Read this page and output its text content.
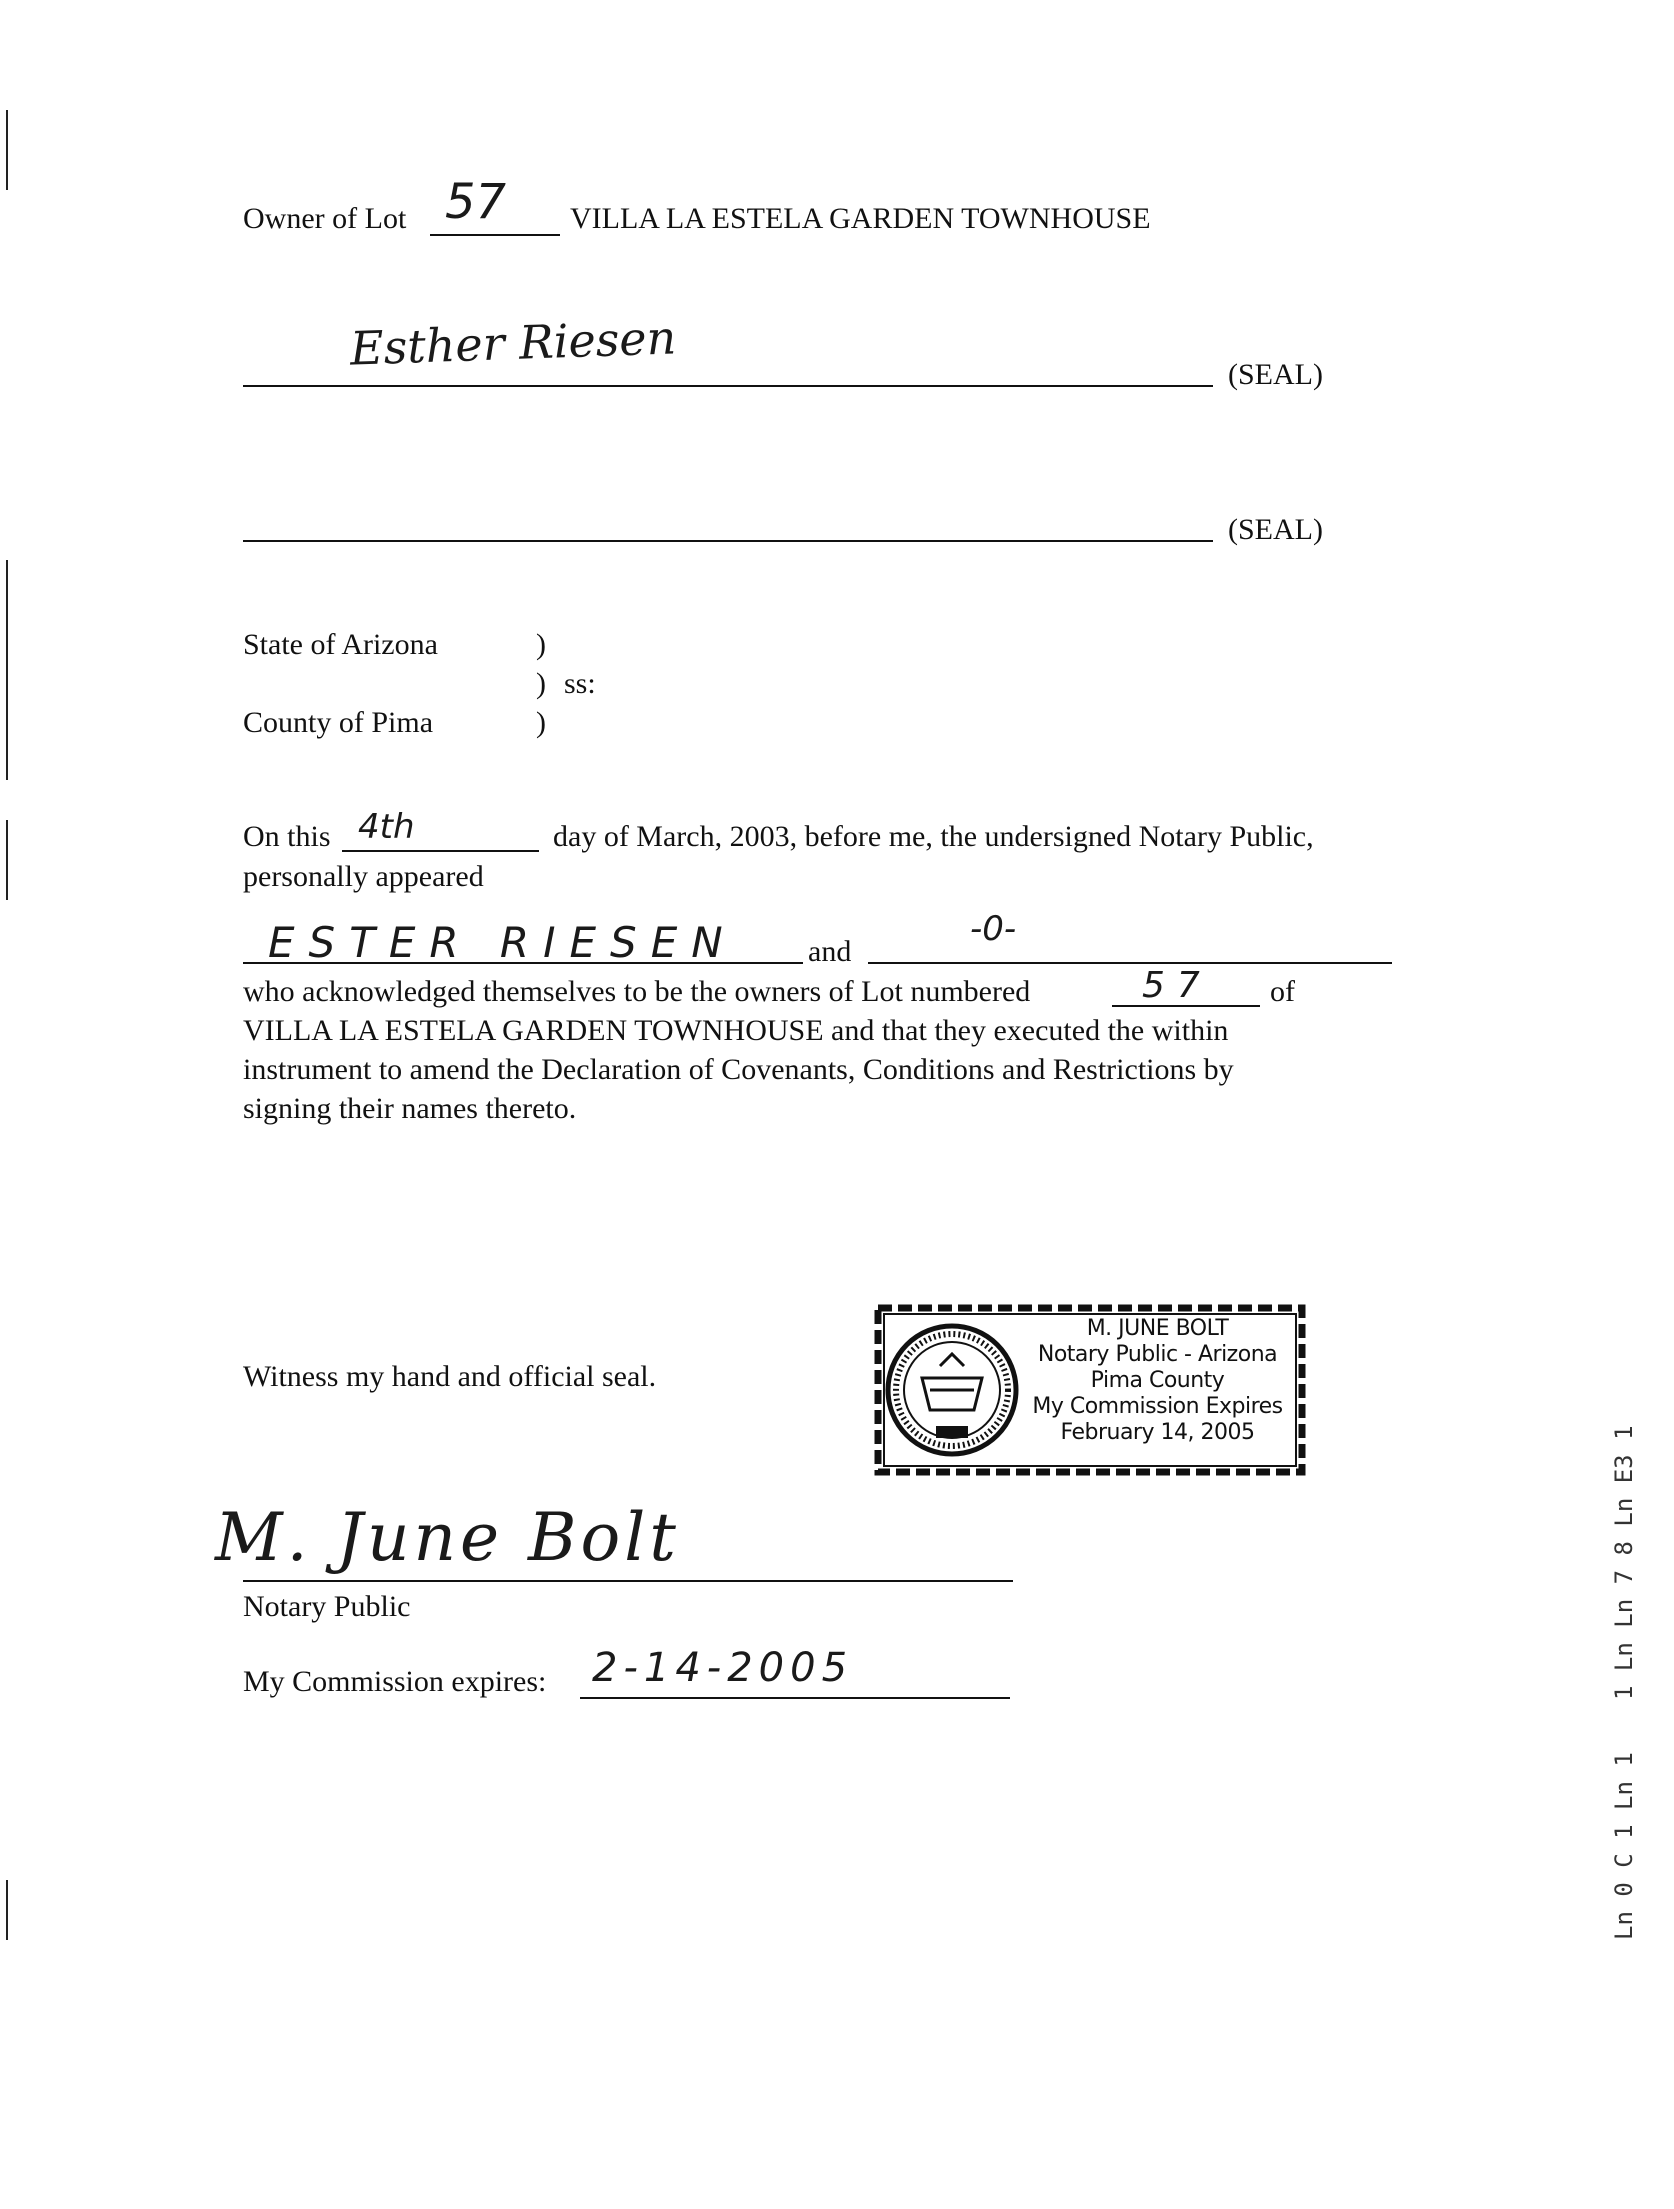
Owner of Lot 57 VILLA LA ESTELA GARDEN TOWNHOUSE
Esther Riesen	(SEAL)
(SEAL)
State of Arizona	)
) ss:
County of Pima	)
On this 4th	day of March, 2003, before me, the undersigned Notary Public,
personally appeared
ESTER RIESEN and
-0-
who acknowledged themselves to be the owners of Lot numbered	57 of
VILLA LA ESTELA GARDEN TOWNHOUSE and that they executed the within
instrument to amend the Declaration of Covenants, Conditions and Restrictions by
signing their names thereto.
Witness my hand and official seal.
M. JUNE BOLT
Notary Public - Arizona
Pima County
My Commission Expires
February 14, 2005
M. June Bolt
Notary Public
My Commission expires: 2-14-2005	1 Ln Ln 7 8 Ln E3 1
Ln 0 C 1 Ln 1
